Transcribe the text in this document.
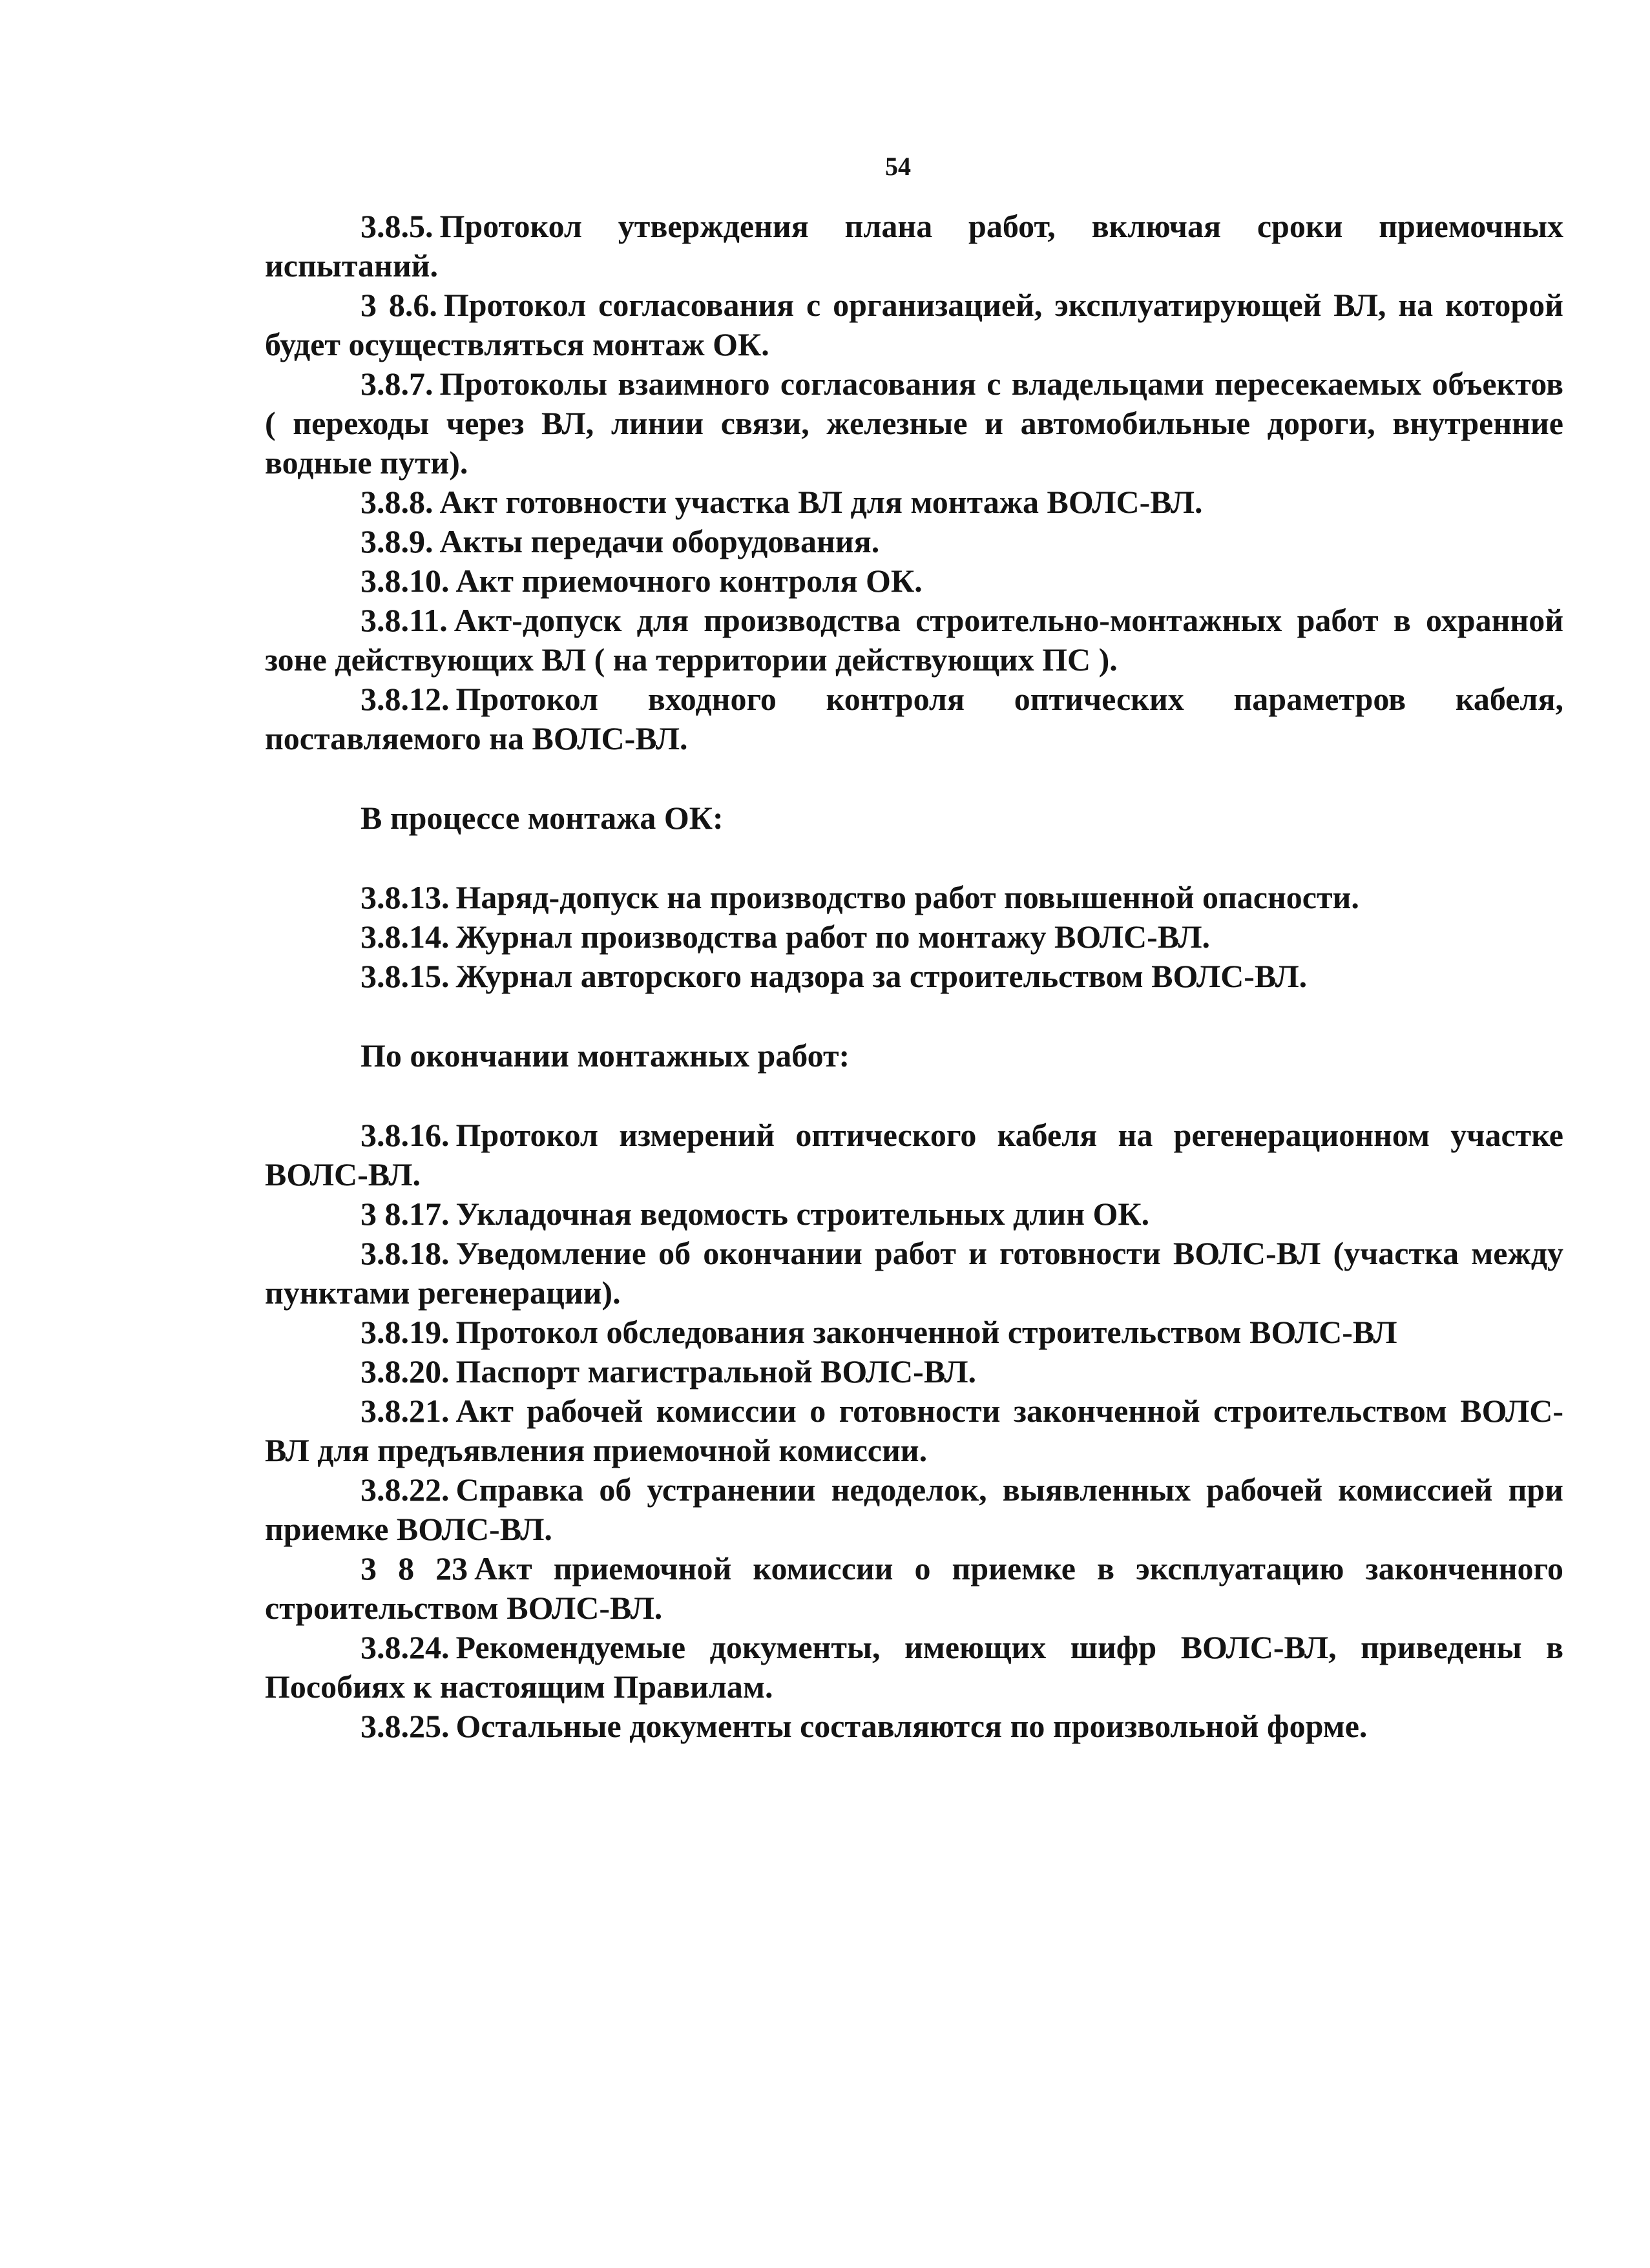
54

3.8.5. Протокол утверждения плана работ, включая сроки приемочных испытаний.

3 8.6. Протокол согласования с организацией, эксплуатирующей ВЛ, на которой будет осуществляться монтаж ОК.

3.8.7. Протоколы взаимного согласования с владельцами пересекаемых объектов ( переходы через ВЛ, линии связи, железные и автомобильные дороги, внутренние водные пути).

3.8.8. Акт готовности участка ВЛ для монтажа ВОЛС-ВЛ.

3.8.9. Акты передачи оборудования.

3.8.10. Акт приемочного контроля ОК.

3.8.11. Акт-допуск для производства строительно-монтажных работ в охранной зоне действующих ВЛ ( на территории действующих ПС ).

3.8.12. Протокол входного контроля оптических параметров кабеля, поставляемого на ВОЛС-ВЛ.

В процессе монтажа ОК:

3.8.13. Наряд-допуск на производство работ повышенной опасности.

3.8.14. Журнал производства работ по монтажу ВОЛС-ВЛ.

3.8.15. Журнал авторского надзора за строительством ВОЛС-ВЛ.

По окончании монтажных работ:

3.8.16. Протокол измерений оптического кабеля на регенерационном участке ВОЛС-ВЛ.

3 8.17. Укладочная ведомость строительных длин ОК.

3.8.18. Уведомление об окончании работ и готовности ВОЛС-ВЛ (участка между пунктами регенерации).

3.8.19. Протокол обследования законченной строительством ВОЛС-ВЛ

3.8.20. Паспорт магистральной ВОЛС-ВЛ.

3.8.21. Акт рабочей комиссии о готовности законченной строительством ВОЛС-ВЛ для предъявления приемочной комиссии.

3.8.22. Справка об устранении недоделок, выявленных рабочей комиссией при приемке ВОЛС-ВЛ.

3 8 23 Акт приемочной комиссии о приемке в эксплуатацию законченного строительством ВОЛС-ВЛ.

3.8.24. Рекомендуемые документы, имеющих шифр ВОЛС-ВЛ, приведены в Пособиях к настоящим Правилам.

3.8.25. Остальные документы составляются по произвольной форме.
